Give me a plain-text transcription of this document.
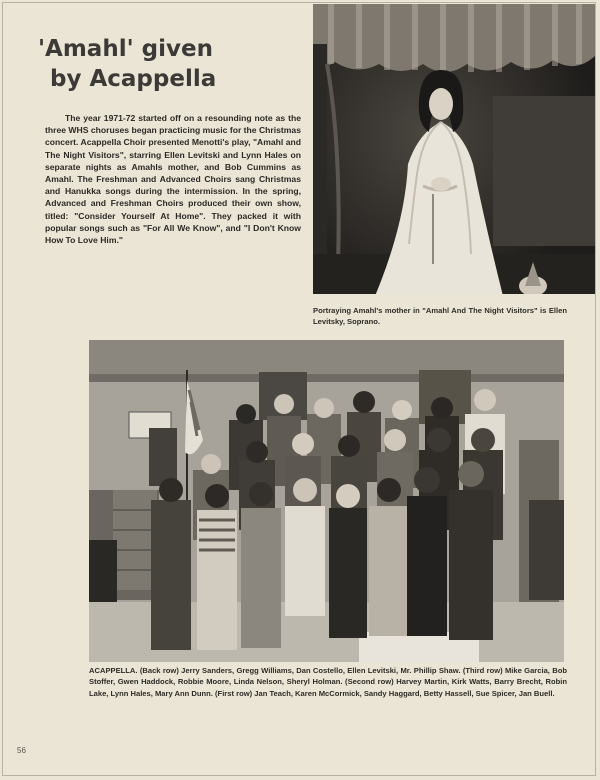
'Amahl' given
by Acappella

The year 1971-72 started off on a resounding note as the three WHS choruses began practicing music for the Christmas concert. Acappella Choir presented Menotti's play, "Amahl and The Night Visitors", starring Ellen Levitski and Lynn Hales on separate nights as Amahls mother, and Bob Cummins as Amahl. The Freshman and Advanced Choirs sang Christmas and Hanukka songs during the intermission. In the spring, Advanced and Freshman Choirs produced their own show, titled: "Consider Yourself At Home". They packed it with popular songs such as "For All We Know", and "I Don't Know How To Love Him."

Portraying Amahl's mother in "Amahl And The Night Visitors" is Ellen Levitsky, Soprano.

ACAPPELLA. (Back row) Jerry Sanders, Gregg Williams, Dan Costello, Ellen Levitski, Mr. Phillip Shaw. (Third row) Mike Garcia, Bob Stoffer, Gwen Haddock, Robbie Moore, Linda Nelson, Sheryl Holman. (Second row) Harvey Martin, Kirk Watts, Barry Brecht, Robin Lake, Lynn Hales, Mary Ann Dunn. (First row) Jan Teach, Karen McCormick, Sandy Haggard, Betty Hassell, Sue Spicer, Jan Buell.

56
